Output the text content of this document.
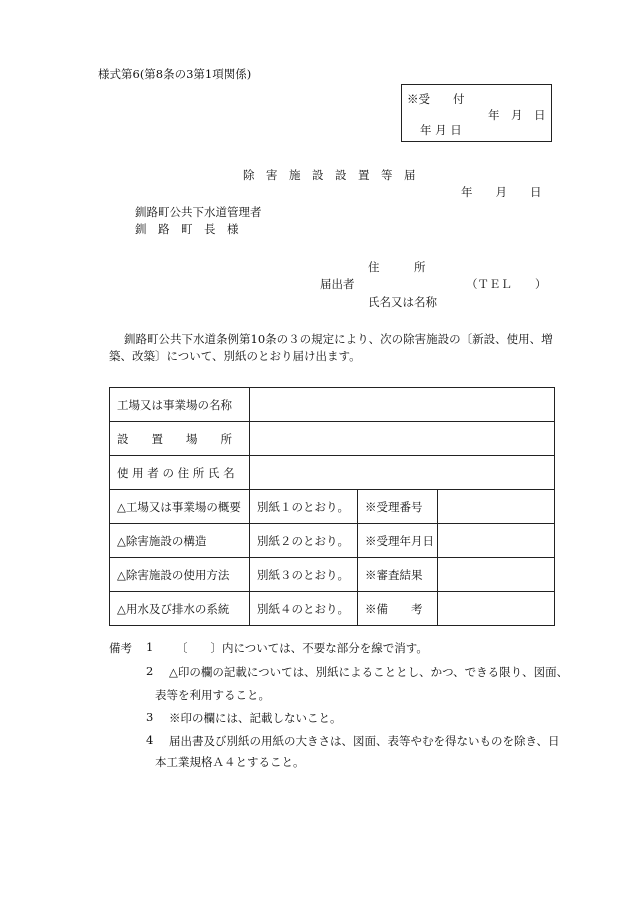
様式第6(第8条の3第1項関係)
※受　　付
年　月　日
年 月 日
除　害　施　設　設　置　等　届
年　　月　　日
釧路町公共下水道管理者
釧　路　町　長　様
住　　　所
届出者	（ＴＥＬ　　）
氏名又は名称
釧路町公共下水道条例第10条の３の規定により、次の除害施設の〔新設、使用、増
築、改築〕について、別紙のとおり届け出ます。
工場又は事業場の名称			
設　　置　　場　　所			
使 用 者 の 住 所 氏 名			
△工場又は事業場の概要	別紙１のとおり。	※受理番号	
△除害施設の構造	別紙２のとおり。	※受理年月日	
△除害施設の使用方法	別紙３のとおり。	※審査結果	
△用水及び排水の系統	別紙４のとおり。	※備　　考	
備考 1 〔　　〕内については、不要な部分を線で消す。
2 △印の欄の記載については、別紙によることとし、かつ、できる限り、図面、
表等を利用すること。
3 ※印の欄には、記載しないこと。
4 届出書及び別紙の用紙の大きさは、図面、表等やむを得ないものを除き、日
本工業規格Ａ４とすること。
